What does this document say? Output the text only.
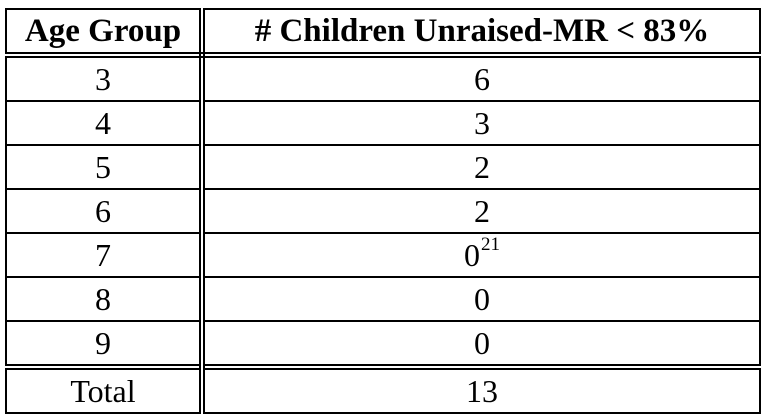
Age Group	# Children Unraised-MR < 83%
3	6
4	3
5	2
6	2
7	0$^{21}$
8	0
9	0
Total	13
